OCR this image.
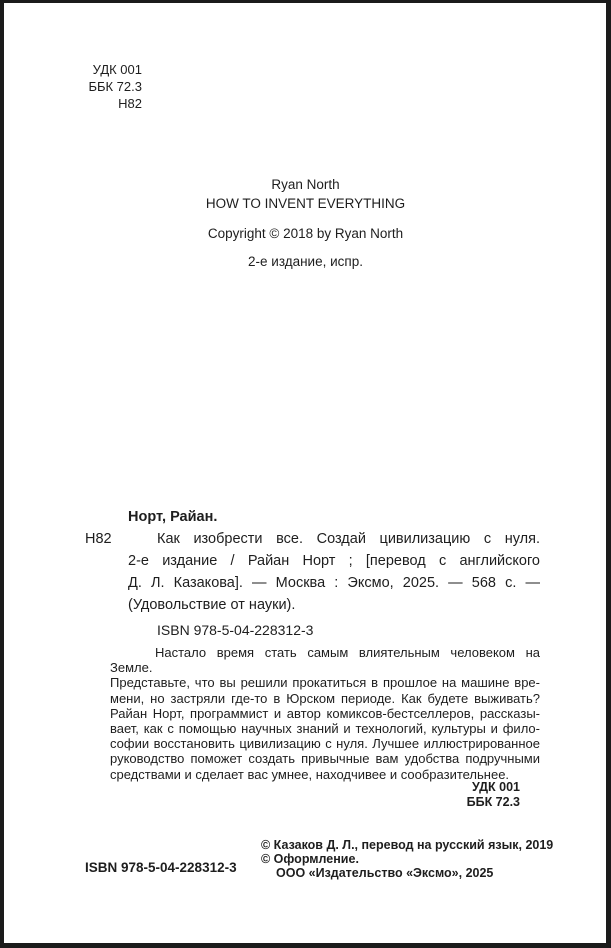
УДК 001
ББК 72.3
Н82
Ryan North
HOW TO INVENT EVERYTHING
Copyright © 2018 by Ryan North
2-е издание, испр.
Норт, Райан.
Н82	Как изобрести все. Создай цивилизацию с нуля.
2-е издание / Райан Норт ; [перевод с английского
Д. Л. Казакова]. — Москва : Эксмо, 2025. — 568 с. —
(Удовольствие от науки).
ISBN 978-5-04-228312-3
Настало время стать самым влиятельным человеком на Земле.
Представьте, что вы решили прокатиться в прошлое на машине вре-
мени, но застряли где-то в Юрском периоде. Как будете выживать?
Райан Норт, программист и автор комиксов-бестселлеров, рассказы-
вает, как с помощью научных знаний и технологий, культуры и фило-
софии восстановить цивилизацию с нуля. Лучшее иллюстрированное
руководство поможет создать привычные вам удобства подручными
средствами и сделает вас умнее, находчивее и сообразительнее.
УДК 001
ББК 72.3
© Казаков Д. Л., перевод на русский язык, 2019
© Оформление.
ООО «Издательство «Эксмо», 2025
ISBN 978-5-04-228312-3
